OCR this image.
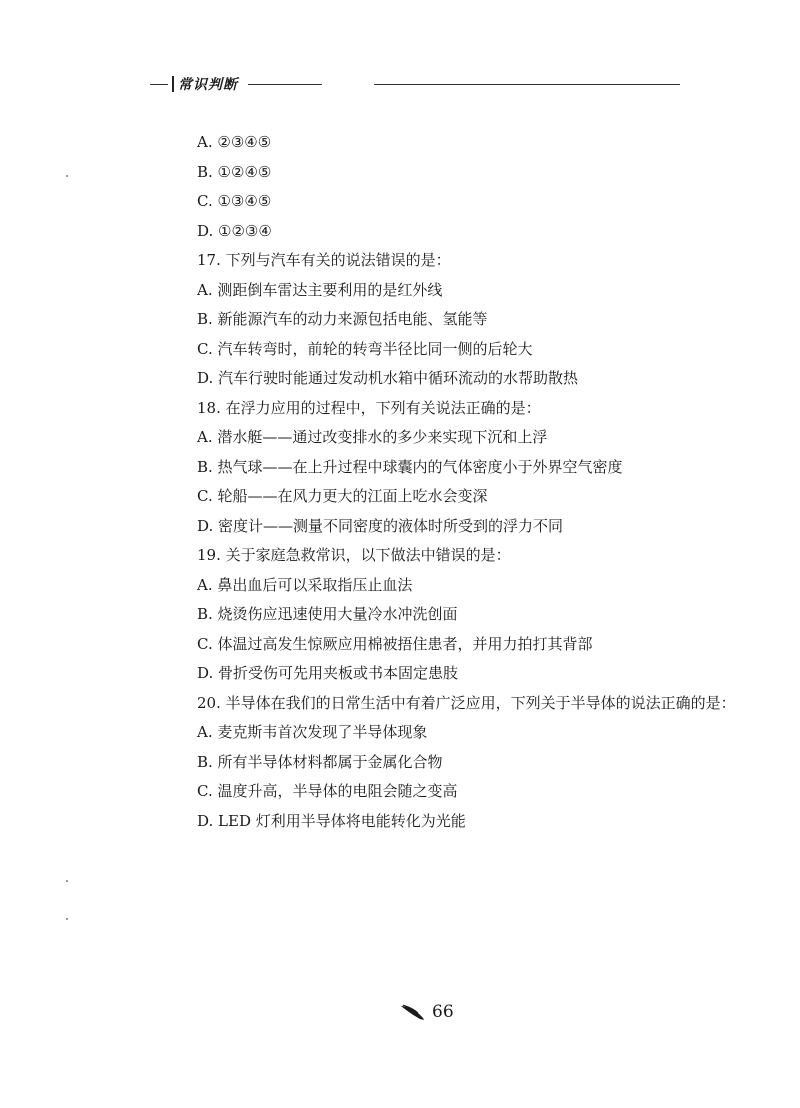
常识判断
A. ②③④⑤
B. ①②④⑤
C. ①③④⑤
D. ①②③④
17. 下列与汽车有关的说法错误的是：
A. 测距倒车雷达主要利用的是红外线
B. 新能源汽车的动力来源包括电能、氢能等
C. 汽车转弯时，前轮的转弯半径比同一侧的后轮大
D. 汽车行驶时能通过发动机水箱中循环流动的水帮助散热
18. 在浮力应用的过程中，下列有关说法正确的是：
A. 潜水艇——通过改变排水的多少来实现下沉和上浮
B. 热气球——在上升过程中球囊内的气体密度小于外界空气密度
C. 轮船——在风力更大的江面上吃水会变深
D. 密度计——测量不同密度的液体时所受到的浮力不同
19. 关于家庭急救常识，以下做法中错误的是：
A. 鼻出血后可以采取指压止血法
B. 烧烫伤应迅速使用大量冷水冲洗创面
C. 体温过高发生惊厥应用棉被捂住患者，并用力拍打其背部
D. 骨折受伤可先用夹板或书本固定患肢
20. 半导体在我们的日常生活中有着广泛应用，下列关于半导体的说法正确的是：
A. 麦克斯韦首次发现了半导体现象
B. 所有半导体材料都属于金属化合物
C. 温度升高，半导体的电阻会随之变高
D. LED 灯利用半导体将电能转化为光能
66
